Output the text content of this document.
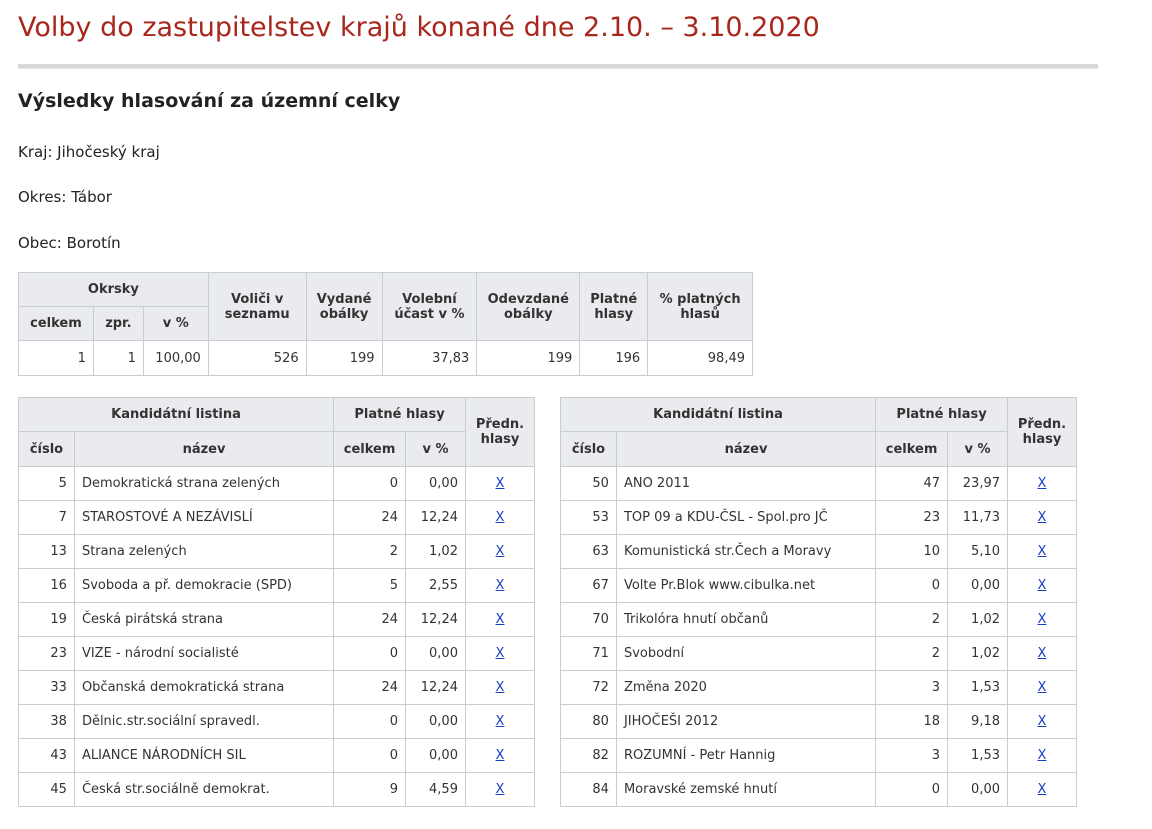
Volby do zastupitelstev krajů konané dne 2.10. – 3.10.2020
Výsledky hlasování za územní celky
Kraj: Jihočeský kraj
Okres: Tábor
Obec: Borotín
Okrsky			Voliči v seznamu	Vydané obálky	Volební účast v %	Odevzdané obálky	Platné hlasy	% platných hlasů
celkem	zpr.	v %						
1	1	100,00	526	199	37,83	199	196	98,49
Kandidátní listina		Platné hlasy		Předn. hlasy
číslo	název	celkem	v %	
5	Demokratická strana zelených	0	0,00	X
7	STAROSTOVÉ A NEZÁVISLÍ	24	12,24	X
13	Strana zelených	2	1,02	X
16	Svoboda a př. demokracie (SPD)	5	2,55	X
19	Česká pirátská strana	24	12,24	X
23	VIZE - národní socialisté	0	0,00	X
33	Občanská demokratická strana	24	12,24	X
38	Dělnic.str.sociální spravedl.	0	0,00	X
43	ALIANCE NÁRODNÍCH SIL	0	0,00	X
45	Česká str.sociálně demokrat.	9	4,59	X
Kandidátní listina		Platné hlasy		Předn. hlasy
číslo	název	celkem	v %	
50	ANO 2011	47	23,97	X
53	TOP 09 a KDU-ČSL - Spol.pro JČ	23	11,73	X
63	Komunistická str.Čech a Moravy	10	5,10	X
67	Volte Pr.Blok www.cibulka.net	0	0,00	X
70	Trikolóra hnutí občanů	2	1,02	X
71	Svobodní	2	1,02	X
72	Změna 2020	3	1,53	X
80	JIHOČEŠI 2012	18	9,18	X
82	ROZUMNÍ - Petr Hannig	3	1,53	X
84	Moravské zemské hnutí	0	0,00	X
